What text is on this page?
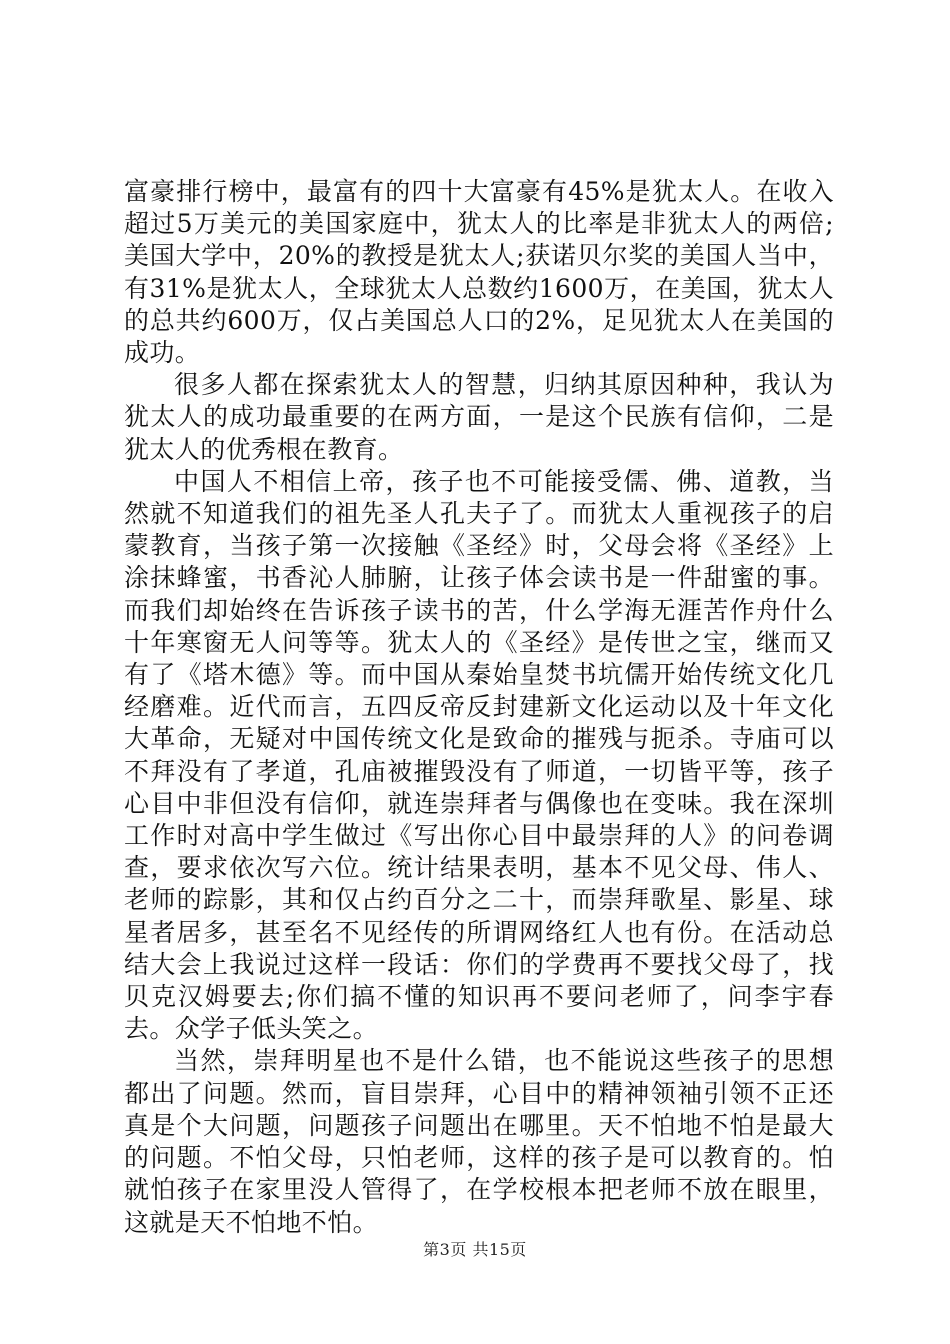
富豪排行榜中，最富有的四十大富豪有45%是犹太人。在收入超过5万美元的美国家庭中，犹太人的比率是非犹太人的两倍;美国大学中，20%的教授是犹太人;获诺贝尔奖的美国人当中，有31%是犹太人，全球犹太人总数约1600万，在美国，犹太人的总共约600万，仅占美国总人口的2%，足见犹太人在美国的成功。

很多人都在探索犹太人的智慧，归纳其原因种种，我认为犹太人的成功最重要的在两方面，一是这个民族有信仰，二是犹太人的优秀根在教育。

中国人不相信上帝，孩子也不可能接受儒、佛、道教，当然就不知道我们的祖先圣人孔夫子了。而犹太人重视孩子的启蒙教育，当孩子第一次接触《圣经》时，父母会将《圣经》上涂抹蜂蜜，书香沁人肺腑，让孩子体会读书是一件甜蜜的事。而我们却始终在告诉孩子读书的苦，什么学海无涯苦作舟什么十年寒窗无人问等等。犹太人的《圣经》是传世之宝，继而又有了《塔木德》等。而中国从秦始皇焚书坑儒开始传统文化几经磨难。近代而言，五四反帝反封建新文化运动以及十年文化大革命，无疑对中国传统文化是致命的摧残与扼杀。寺庙可以不拜没有了孝道，孔庙被摧毁没有了师道，一切皆平等，孩子心目中非但没有信仰，就连崇拜者与偶像也在变味。我在深圳工作时对高中学生做过《写出你心目中最崇拜的人》的问卷调查，要求依次写六位。统计结果表明，基本不见父母、伟人、老师的踪影，其和仅占约百分之二十，而崇拜歌星、影星、球星者居多，甚至名不见经传的所谓网络红人也有份。在活动总结大会上我说过这样一段话：你们的学费再不要找父母了，找贝克汉姆要去;你们搞不懂的知识再不要问老师了，问李宇春去。众学子低头笑之。

当然，崇拜明星也不是什么错，也不能说这些孩子的思想都出了问题。然而，盲目崇拜，心目中的精神领袖引领不正还真是个大问题，问题孩子问题出在哪里。天不怕地不怕是最大的问题。不怕父母，只怕老师，这样的孩子是可以教育的。怕就怕孩子在家里没人管得了，在学校根本把老师不放在眼里，这就是天不怕地不怕。

第3页 共15页
